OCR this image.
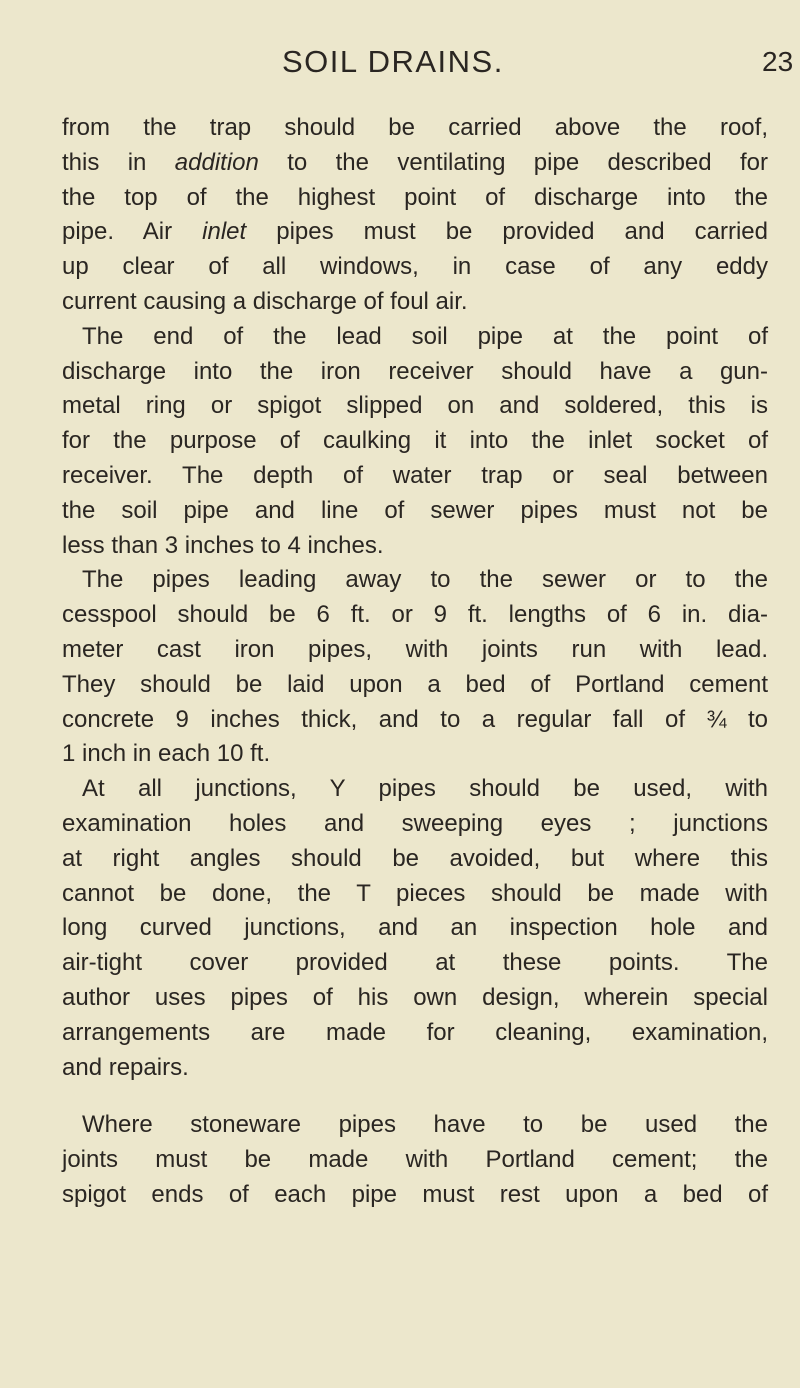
SOIL DRAINS.	23
from the trap should be carried above the roof,
this in addition to the ventilating pipe described for
the top of the highest point of discharge into the
pipe. Air inlet pipes must be provided and carried
up clear of all windows, in case of any eddy
current causing a discharge of foul air.
The end of the lead soil pipe at the point of
discharge into the iron receiver should have a gun-
metal ring or spigot slipped on and soldered, this is
for the purpose of caulking it into the inlet socket of
receiver. The depth of water trap or seal between
the soil pipe and line of sewer pipes must not be
less than 3 inches to 4 inches.
The pipes leading away to the sewer or to the
cesspool should be 6 ft. or 9 ft. lengths of 6 in. dia-
meter cast iron pipes, with joints run with lead.
They should be laid upon a bed of Portland cement
concrete 9 inches thick, and to a regular fall of ¾ to
1 inch in each 10 ft.
At all junctions, Y pipes should be used, with
examination holes and sweeping eyes ; junctions
at right angles should be avoided, but where this
cannot be done, the T pieces should be made with
long curved junctions, and an inspection hole and
air-tight cover provided at these points. The
author uses pipes of his own design, wherein special
arrangements are made for cleaning, examination,
and repairs.
Where stoneware pipes have to be used the
joints must be made with Portland cement; the
spigot ends of each pipe must rest upon a bed of
